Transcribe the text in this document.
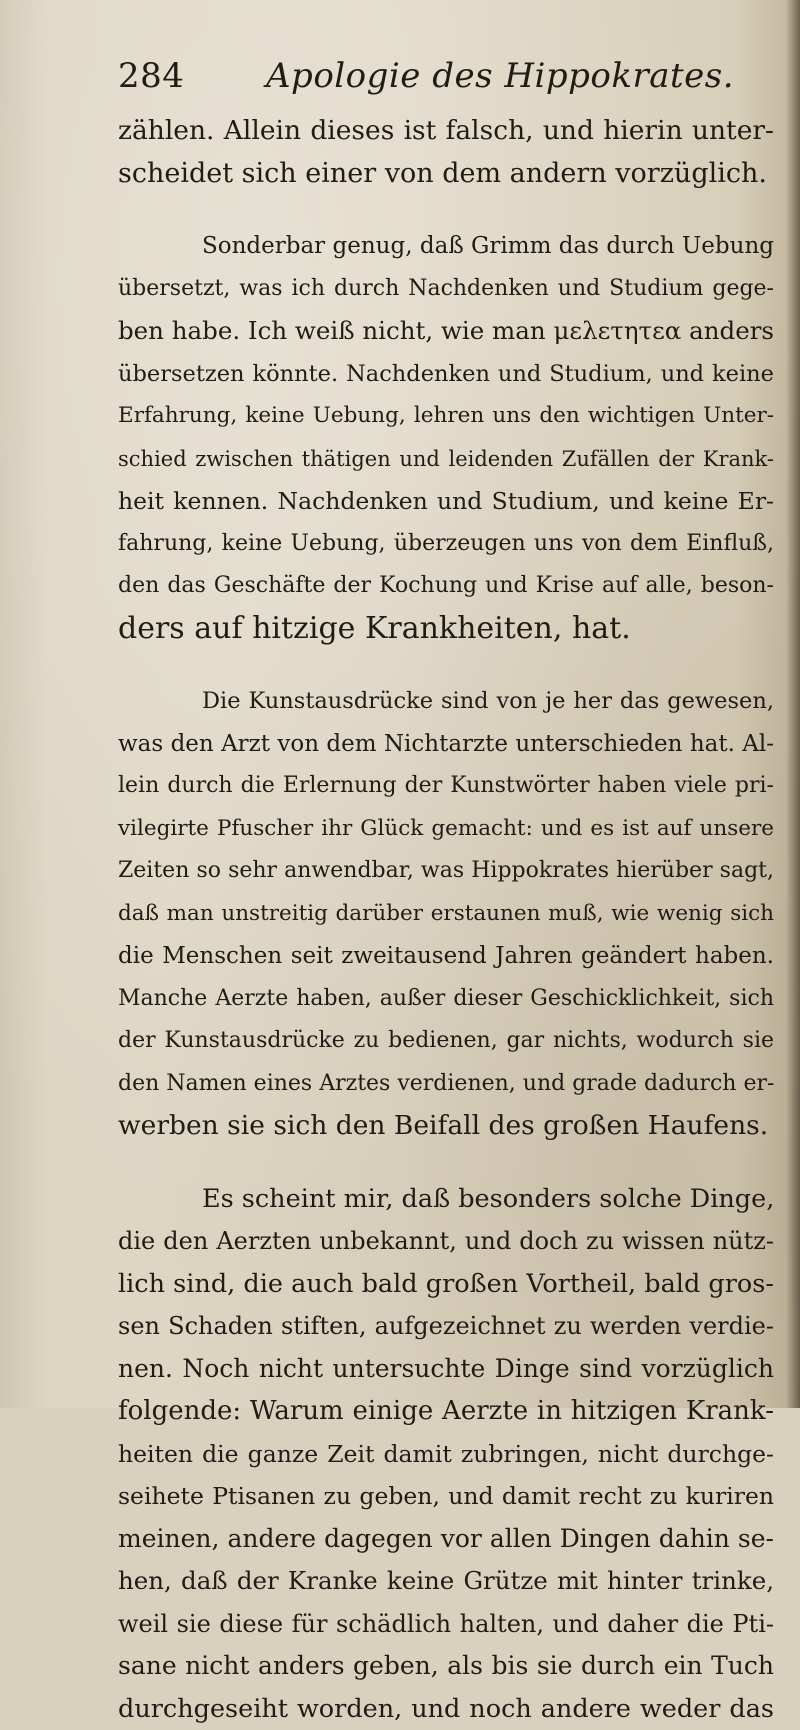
284 Apologie des Hippokrates.
zählen. Allein dieses ist falsch, und hierin unter-
scheidet sich einer von dem andern vorzüglich.
Sonderbar genug, daß Grimm das durch Uebung
übersetzt, was ich durch Nachdenken und Studium gege-
ben habe. Ich weiß nicht, wie man μελετητεα anders
übersetzen könnte. Nachdenken und Studium, und keine
Erfahrung, keine Uebung, lehren uns den wichtigen Unter-
schied zwischen thätigen und leidenden Zufällen der Krank-
heit kennen. Nachdenken und Studium, und keine Er-
fahrung, keine Uebung, überzeugen uns von dem Einfluß,
den das Geschäfte der Kochung und Krise auf alle, beson-
ders auf hitzige Krankheiten, hat.
Die Kunstausdrücke sind von je her das gewesen,
was den Arzt von dem Nichtarzte unterschieden hat. Al-
lein durch die Erlernung der Kunstwörter haben viele pri-
vilegirte Pfuscher ihr Glück gemacht: und es ist auf unsere
Zeiten so sehr anwendbar, was Hippokrates hierüber sagt,
daß man unstreitig darüber erstaunen muß, wie wenig sich
die Menschen seit zweitausend Jahren geändert haben.
Manche Aerzte haben, außer dieser Geschicklichkeit, sich
der Kunstausdrücke zu bedienen, gar nichts, wodurch sie
den Namen eines Arztes verdienen, und grade dadurch er-
werben sie sich den Beifall des großen Haufens.
Es scheint mir, daß besonders solche Dinge,
die den Aerzten unbekannt, und doch zu wissen nütz-
lich sind, die auch bald großen Vortheil, bald gros-
sen Schaden stiften, aufgezeichnet zu werden verdie-
nen. Noch nicht untersuchte Dinge sind vorzüglich
folgende: Warum einige Aerzte in hitzigen Krank-
heiten die ganze Zeit damit zubringen, nicht durchge-
seihete Ptisanen zu geben, und damit recht zu kuriren
meinen, andere dagegen vor allen Dingen dahin se-
hen, daß der Kranke keine Grütze mit hinter trinke,
weil sie diese für schädlich halten, und daher die Pti-
sane nicht anders geben, als bis sie durch ein Tuch
durchgeseiht worden, und noch andere weder das
